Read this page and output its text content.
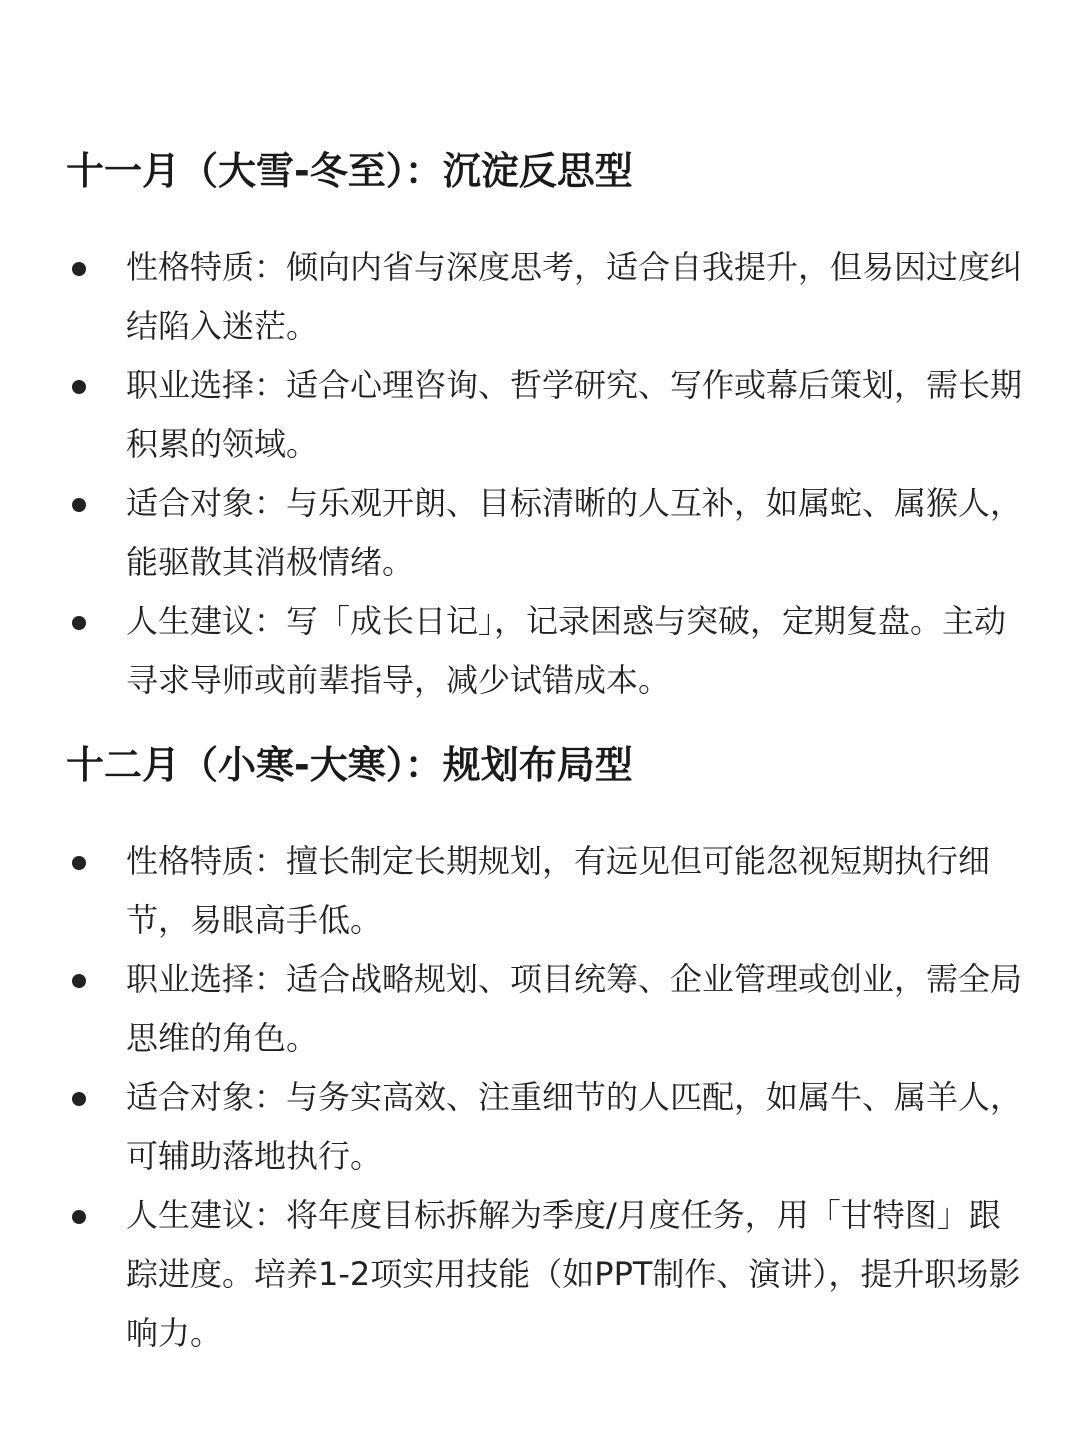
十一月（大雪-冬至）：沉淀反思型
性格特质：倾向内省与深度思考，适合自我提升，但易因过度纠结陷入迷茫。
职业选择：适合心理咨询、哲学研究、写作或幕后策划，需长期积累的领域。
适合对象：与乐观开朗、目标清晰的人互补，如属蛇、属猴人，能驱散其消极情绪。
人生建议：写「成长日记」，记录困惑与突破，定期复盘。主动寻求导师或前辈指导，减少试错成本。
十二月（小寒-大寒）：规划布局型
性格特质：擅长制定长期规划，有远见但可能忽视短期执行细节，易眼高手低。
职业选择：适合战略规划、项目统筹、企业管理或创业，需全局思维的角色。
适合对象：与务实高效、注重细节的人匹配，如属牛、属羊人，可辅助落地执行。
人生建议：将年度目标拆解为季度/月度任务，用「甘特图」跟踪进度。培养1-2项实用技能（如PPT制作、演讲），提升职场影响力。
